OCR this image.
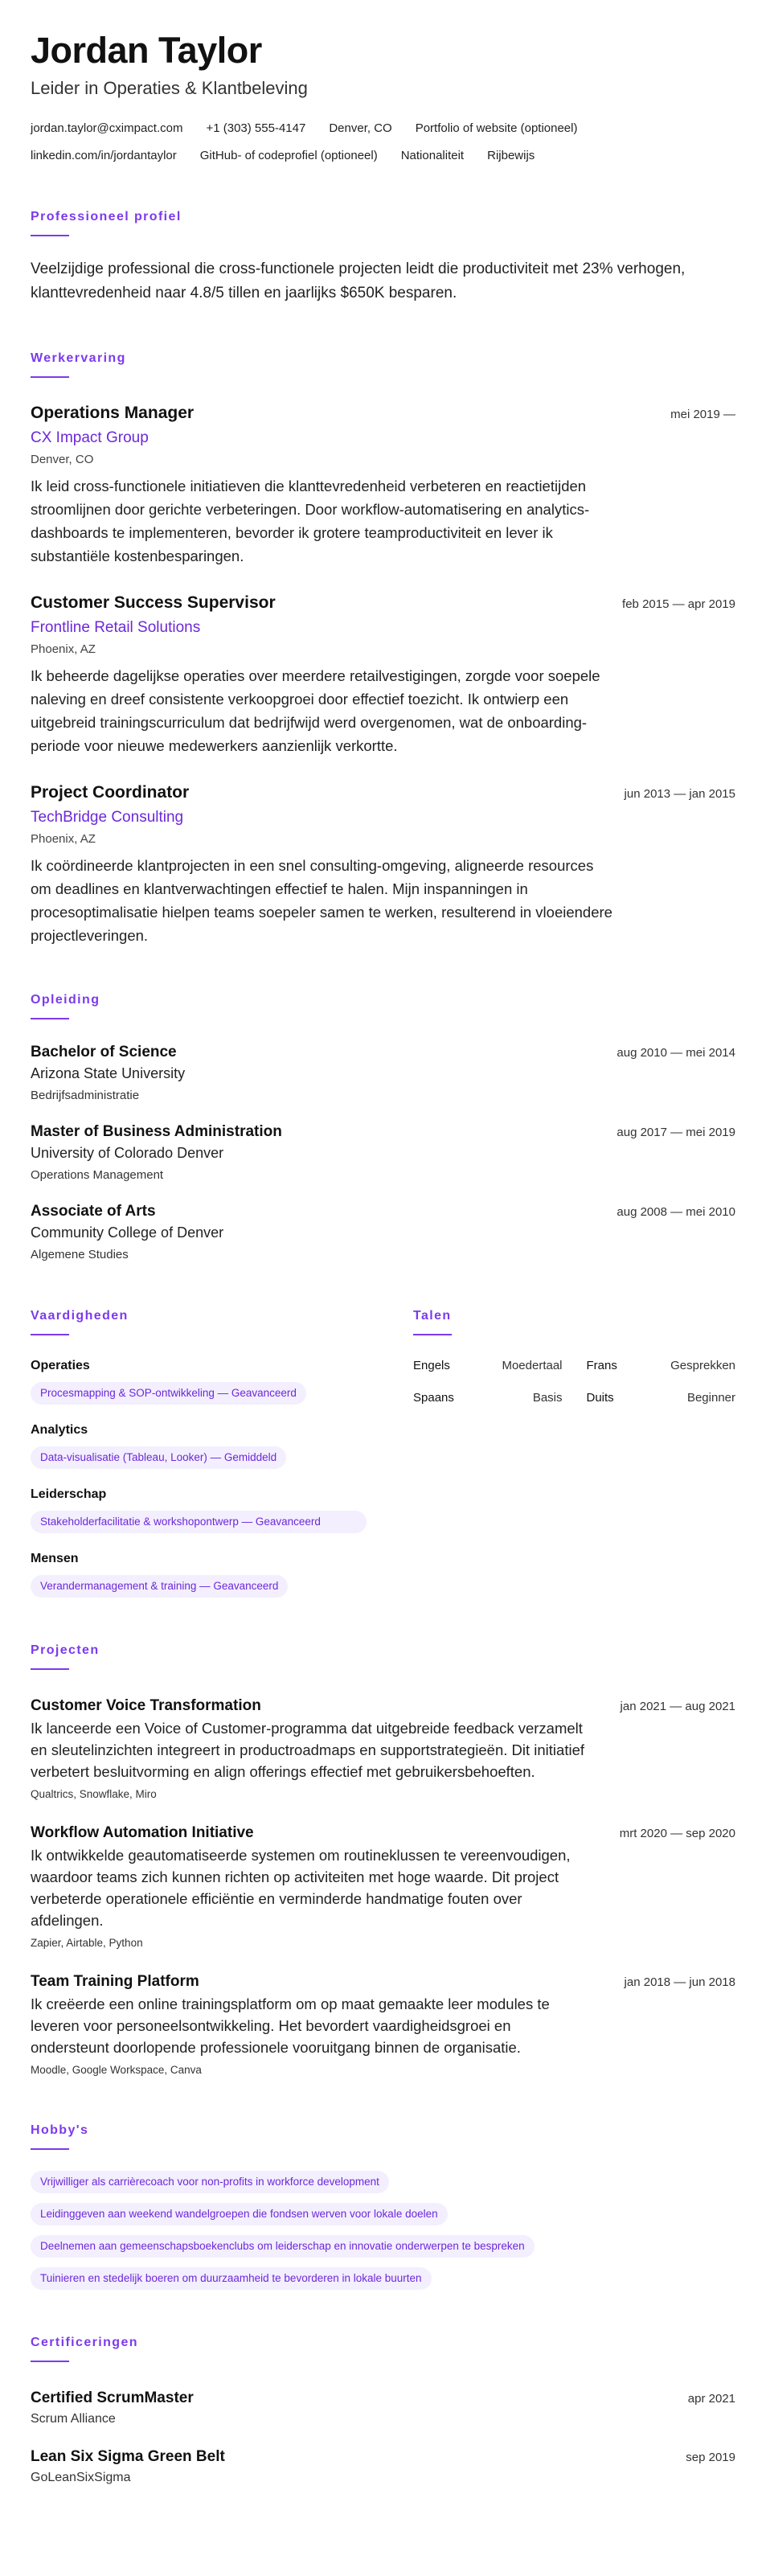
Jordan Taylor
Leider in Operaties & Klantbeleving
jordan.taylor@cximpact.com +1 (303) 555-4147 Denver, CO Portfolio of website (optioneel)
linkedin.com/in/jordantaylor GitHub- of codeprofiel (optioneel) Nationaliteit Rijbewijs
Professioneel profiel

Veelzijdige professional die cross-functionele projecten leidt die productiviteit met 23% verhogen, klanttevredenheid naar 4.8/5 tillen en jaarlijks $650K besparen.

Werkervaring
Operations Manager	mei 2019 —
CX Impact Group
Denver, CO

Ik leid cross-functionele initiatieven die klanttevredenheid verbeteren en reactietijden stroomlijnen door gerichte verbeteringen. Door workflow-automatisering en analytics-dashboards te implementeren, bevorder ik grotere teamproductiviteit en lever ik substantiële kostenbesparingen.

Customer Success Supervisor	feb 2015 — apr 2019
Frontline Retail Solutions
Phoenix, AZ

Ik beheerde dagelijkse operaties over meerdere retailvestigingen, zorgde voor soepele naleving en dreef consistente verkoopgroei door effectief toezicht. Ik ontwierp een uitgebreid trainingscurriculum dat bedrijfwijd werd overgenomen, wat de onboarding-periode voor nieuwe medewerkers aanzienlijk verkortte.

Project Coordinator	jun 2013 — jan 2015
TechBridge Consulting
Phoenix, AZ

Ik coördineerde klantprojecten in een snel consulting-omgeving, aligneerde resources om deadlines en klantverwachtingen effectief te halen. Mijn inspanningen in procesoptimalisatie hielpen teams soepeler samen te werken, resulterend in vloeiendere projectleveringen.

Opleiding
Bachelor of Science	aug 2010 — mei 2014
Arizona State University
Bedrijfsadministratie
Master of Business Administration	aug 2017 — mei 2019
University of Colorado Denver
Operations Management
Associate of Arts	aug 2008 — mei 2010
Community College of Denver
Algemene Studies
Vaardigheden
Operaties
Procesmapping & SOP-ontwikkeling — Geavanceerd
Analytics
Data-visualisatie (Tableau, Looker) — Gemiddeld
Leiderschap
Stakeholderfacilitatie & workshopontwerp — Geavanceerd
Mensen
Verandermanagement & training — Geavanceerd
Talen
Engels	Moedertaal Frans	Gesprekken
Spaans	Basis Duits	Beginner
Projecten
Customer Voice Transformation	jan 2021 — aug 2021

Ik lanceerde een Voice of Customer-programma dat uitgebreide feedback verzamelt en sleutelinzichten integreert in productroadmaps en supportstrategieën. Dit initiatief verbetert besluitvorming en align offerings effectief met gebruikersbehoeften.

Qualtrics, Snowflake, Miro
Workflow Automation Initiative	mrt 2020 — sep 2020

Ik ontwikkelde geautomatiseerde systemen om routineklussen te vereenvoudigen, waardoor teams zich kunnen richten op activiteiten met hoge waarde. Dit project verbeterde operationele efficiëntie en verminderde handmatige fouten over afdelingen.

Zapier, Airtable, Python
Team Training Platform	jan 2018 — jun 2018

Ik creëerde een online trainingsplatform om op maat gemaakte leer modules te leveren voor personeelsontwikkeling. Het bevordert vaardigheidsgroei en ondersteunt doorlopende professionele vooruitgang binnen de organisatie.

Moodle, Google Workspace, Canva
Hobby's
Vrijwilliger als carrièrecoach voor non-profits in workforce development
Leidinggeven aan weekend wandelgroepen die fondsen werven voor lokale doelen
Deelnemen aan gemeenschapsboekenclubs om leiderschap en innovatie onderwerpen te bespreken
Tuinieren en stedelijk boeren om duurzaamheid te bevorderen in lokale buurten
Certificeringen
Certified ScrumMaster	apr 2021
Scrum Alliance
Lean Six Sigma Green Belt	sep 2019
GoLeanSixSigma
